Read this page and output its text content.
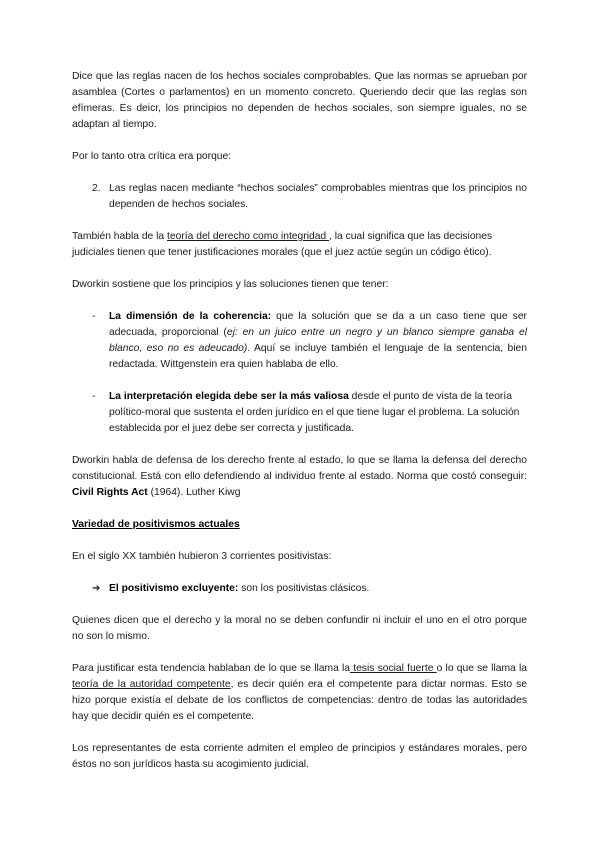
Dice que las reglas nacen de los hechos sociales comprobables. Que las normas se aprueban por asamblea (Cortes o parlamentos) en un momento concreto. Queriendo decir que las reglas son efímeras. Es deicr, los principios no dependen de hechos sociales, son siempre iguales, no se adaptan al tiempo.

Por lo tanto otra crítica era porque:

2. Las reglas nacen mediante “hechos sociales” comprobables mientras que los principios no dependen de hechos sociales.

También habla de la teoría del derecho como integridad , la cual significa que las decisiones judiciales tienen que tener justificaciones morales (que el juez actúe según un código ético).

Dworkin sostiene que los principios y las soluciones tienen que tener:

-	La dimensión de la coherencia: que la solución que se da a un caso tiene que ser adecuada, proporcional (ej: en un juico entre un negro y un blanco siempre ganaba el blanco, eso no es adeucado). Aquí se incluye también el lenguaje de la sentencia, bien redactada. Wittgenstein era quien hablaba de ello.
-	La interpretación elegida debe ser la más valiosa desde el punto de vista de la teoría político-moral que sustenta el orden jurídico en el que tiene lugar el problema. La solución establecida por el juez debe ser correcta y justificada.

Dworkin habla de defensa de los derecho frente al estado, lo que se llama la defensa del derecho constitucional. Está con ello defendiendo al individuo frente al estado. Norma que costó conseguir: Civil Rights Act (1964). Luther Kiwg

Variedad de positivismos actuales

En el siglo XX también hubieron 3 corrientes positivistas:

➔ El positivismo excluyente: son los positivistas clásicos.

Quienes dicen que el derecho y la moral no se deben confundir ni incluir el uno en el otro porque no son lo mismo.

Para justificar esta tendencia hablaban de lo que se llama la tesis social fuerte o lo que se llama la teoría de la autoridad competente, es decir quién era el competente para dictar normas. Esto se hizo porque existía el debate de los conflictos de competencias: dentro de todas las autoridades hay que decidir quién es el competente.

Los representantes de esta corriente admiten el empleo de principios y estándares morales, pero éstos no son jurídicos hasta su acogimiento judicial.
